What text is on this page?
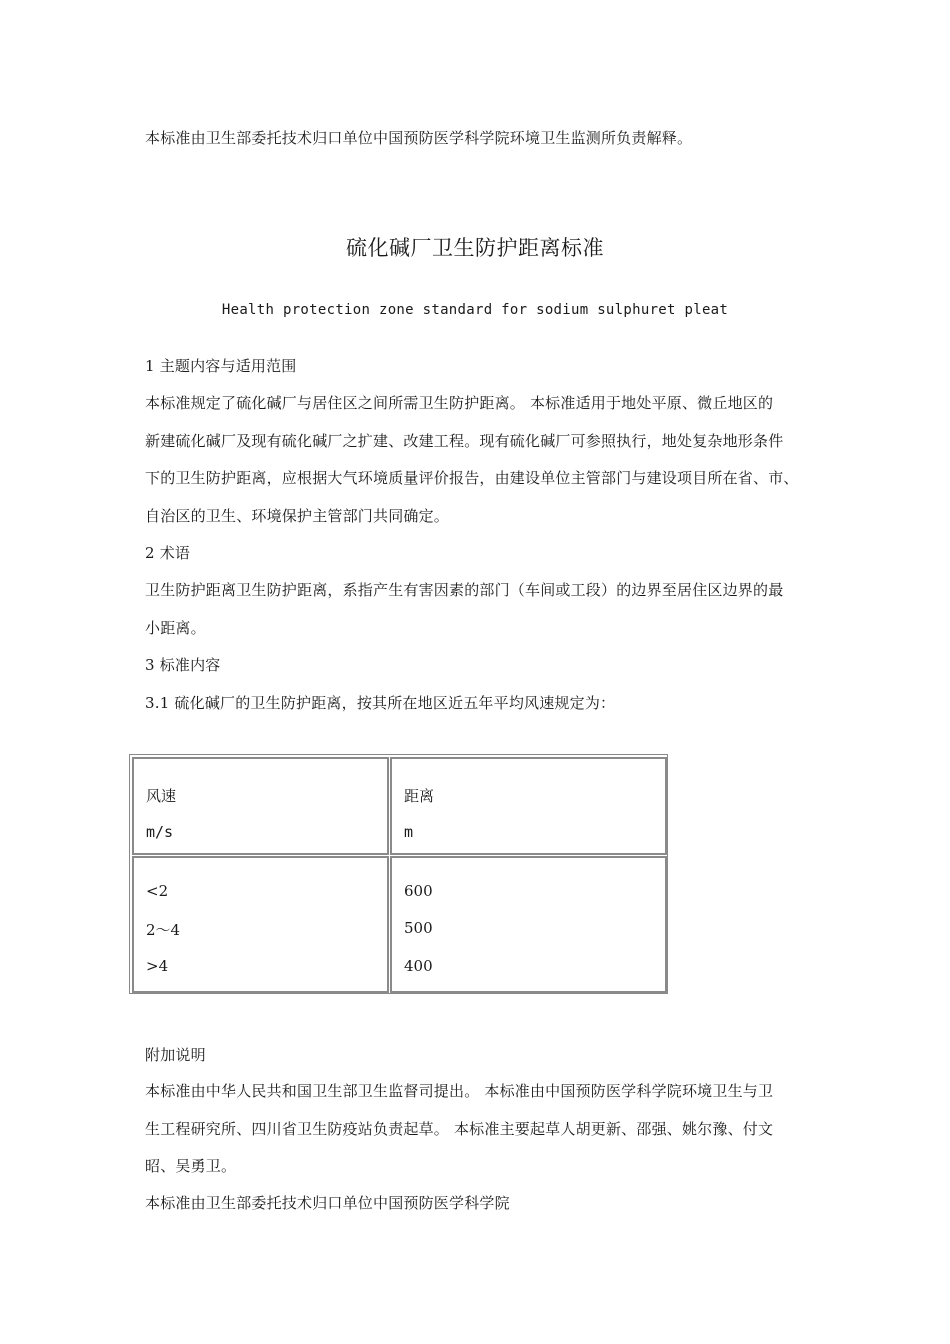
本标准由卫生部委托技术归口单位中国预防医学科学院环境卫生监测所负责解释。
硫化碱厂卫生防护距离标准
Health protection zone standard for sodium sulphuret pleat
1 主题内容与适用范围
本标准规定了硫化碱厂与居住区之间所需卫生防护距离。 本标准适用于地处平原、微丘地区的
新建硫化碱厂及现有硫化碱厂之扩建、改建工程。现有硫化碱厂可参照执行，地处复杂地形条件
下的卫生防护距离，应根据大气环境质量评价报告，由建设单位主管部门与建设项目所在省、市、
自治区的卫生、环境保护主管部门共同确定。
2 术语
卫生防护距离卫生防护距离，系指产生有害因素的部门（车间或工段）的边界至居住区边界的最
小距离。
3 标准内容
3.1 硫化碱厂的卫生防护距离，按其所在地区近五年平均风速规定为：
风速
m/s
距离
m
<2
2～4
>4
600
500
400
附加说明
本标准由中华人民共和国卫生部卫生监督司提出。 本标准由中国预防医学科学院环境卫生与卫
生工程研究所、四川省卫生防疫站负责起草。 本标准主要起草人胡更新、邵强、姚尔豫、付文
昭、吴勇卫。
本标准由卫生部委托技术归口单位中国预防医学科学院
